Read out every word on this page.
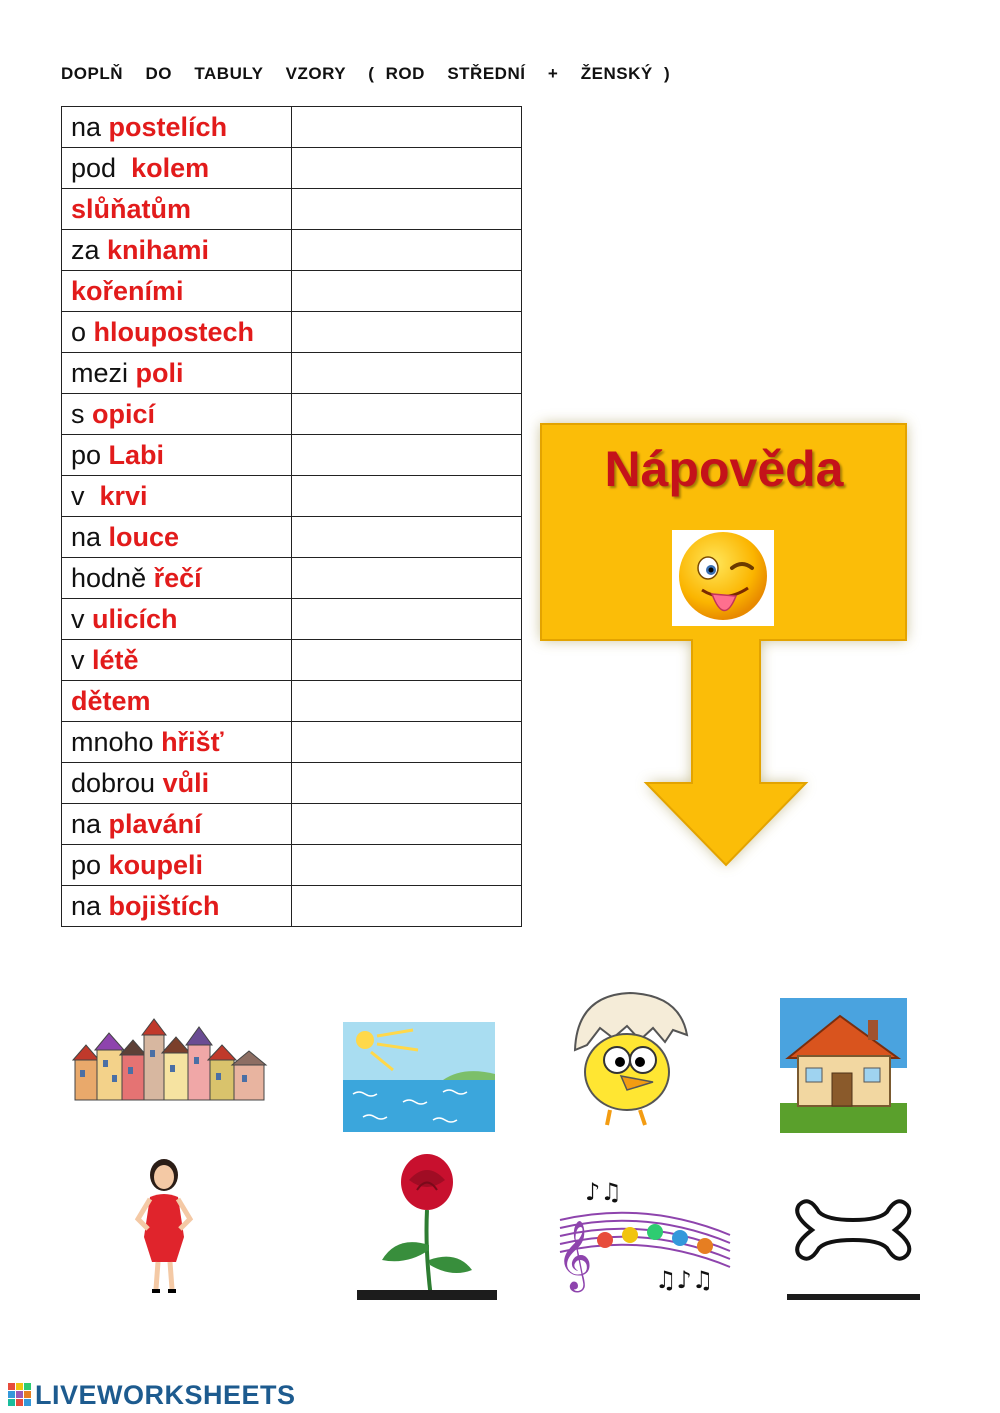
DOPLŇ  DO  TABULY  VZORY  ( ROD  STŘEDNÍ  +  ŽENSKÝ )
na postelích	
pod  kolem	
slůňatům	
za knihami	
kořeními	
o hloupostech	
mezi poli	
s opicí	
po Labi	
v  krvi	
na louce	
hodně řečí	
v ulicích	
v létě	
dětem	
mnoho hřišť	
dobrou vůli	
na plavání	
po koupeli	
na bojištích	
Nápověda
𝄞
♪♫
♫♪♫
LIVEWORKSHEETS
